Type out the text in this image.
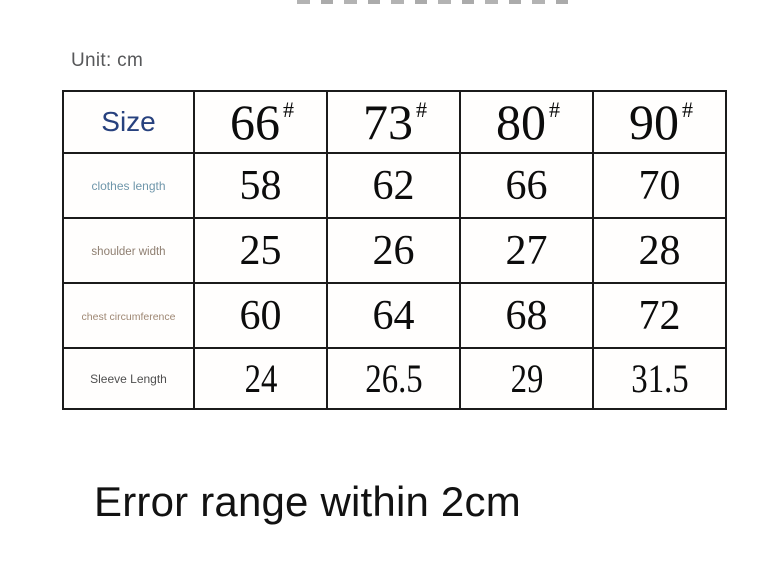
Unit: cm
Size	66 #	73 #	80 #	90 #
clothes length	58	62	66	70
shoulder width	25	26	27	28
chest circumference	60	64	68	72
Sleeve Length	24	26.5	29	31.5
Error range within 2cm
